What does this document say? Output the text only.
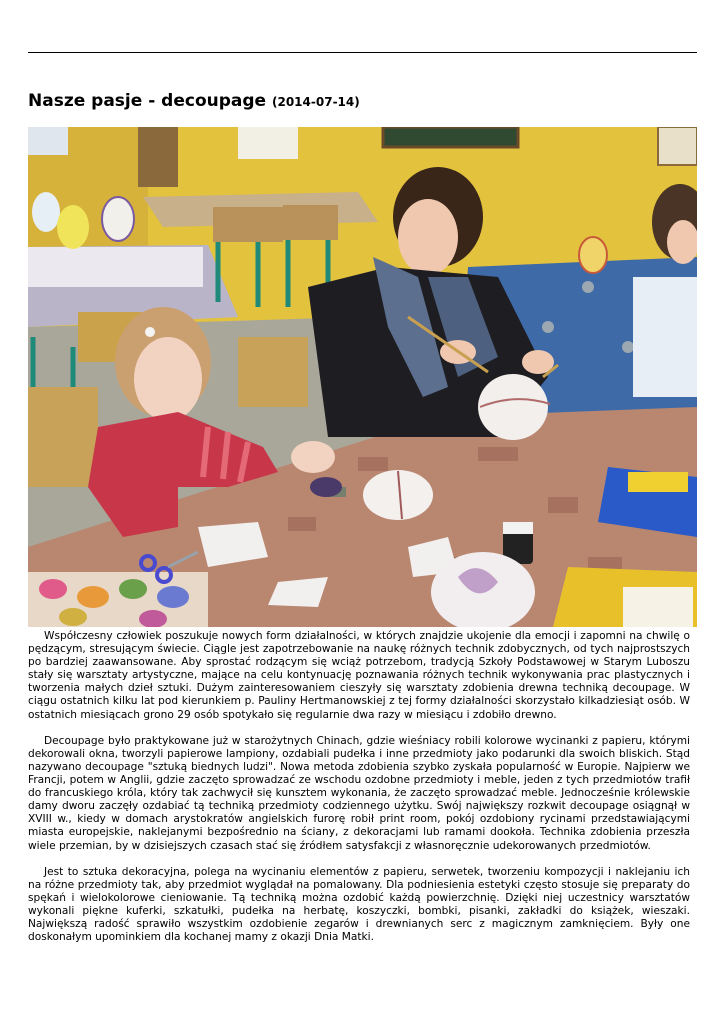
Nasze pasje - decoupage (2014-07-14)

Współczesny człowiek poszukuje nowych form działalności, w których znajdzie ukojenie dla emocji i zapomni na chwilę o pędzącym, stresującym świecie. Ciągle jest zapotrzebowanie na naukę różnych technik zdobycznych, od tych najprostszych po bardziej zaawansowane. Aby sprostać rodzącym się wciąż potrzebom, tradycją Szkoły Podstawowej w Starym Luboszu stały się warsztaty artystyczne, mające na celu kontynuację poznawania różnych technik wykonywania prac plastycznych i tworzenia małych dzieł sztuki. Dużym zainteresowaniem cieszyły się warsztaty zdobienia drewna techniką decoupage. W ciągu ostatnich kilku lat pod kierunkiem p. Pauliny Hertmanowskiej z tej formy działalności skorzystało kilkadziesiąt osób. W ostatnich miesiącach grono 29 osób spotykało się regularnie dwa razy w miesiącu i zdobiło drewno.

Decoupage było praktykowane już w starożytnych Chinach, gdzie wieśniacy robili kolorowe wycinanki z papieru, którymi dekorowali okna, tworzyli papierowe lampiony, ozdabiali pudełka i inne przedmioty jako podarunki dla swoich bliskich. Stąd nazywano decoupage "sztuką biednych ludzi". Nowa metoda zdobienia szybko zyskała popularność w Europie. Najpierw we Francji, potem w Anglii, gdzie zaczęto sprowadzać ze wschodu ozdobne przedmioty i meble, jeden z tych przedmiotów trafił do francuskiego króla, który tak zachwycił się kunsztem wykonania, że zaczęto sprowadzać meble. Jednocześnie królewskie damy dworu zaczęły ozdabiać tą techniką przedmioty codziennego użytku. Swój największy rozkwit decoupage osiągnął w XVIII w., kiedy w domach arystokratów angielskich furorę robił print room, pokój ozdobiony rycinami przedstawiającymi miasta europejskie, naklejanymi bezpośrednio na ściany, z dekoracjami lub ramami dookoła. Technika zdobienia przeszła wiele przemian, by w dzisiejszych czasach stać się źródłem satysfakcji z własnoręcznie udekorowanych przedmiotów.

Jest to sztuka dekoracyjna, polega na wycinaniu elementów z papieru, serwetek, tworzeniu kompozycji i naklejaniu ich na różne przedmioty tak, aby przedmiot wyglądał na pomalowany. Dla podniesienia estetyki często stosuje się preparaty do spękań i wielokolorowe cieniowanie. Tą techniką można ozdobić każdą powierzchnię. Dzięki niej uczestnicy warsztatów wykonali piękne kuferki, szkatułki, pudełka na herbatę, koszyczki, bombki, pisanki, zakładki do książek, wieszaki. Największą radość sprawiło wszystkim ozdobienie zegarów i drewnianych serc z magicznym zamknięciem. Były one doskonałym upominkiem dla kochanej mamy z okazji Dnia Matki.
